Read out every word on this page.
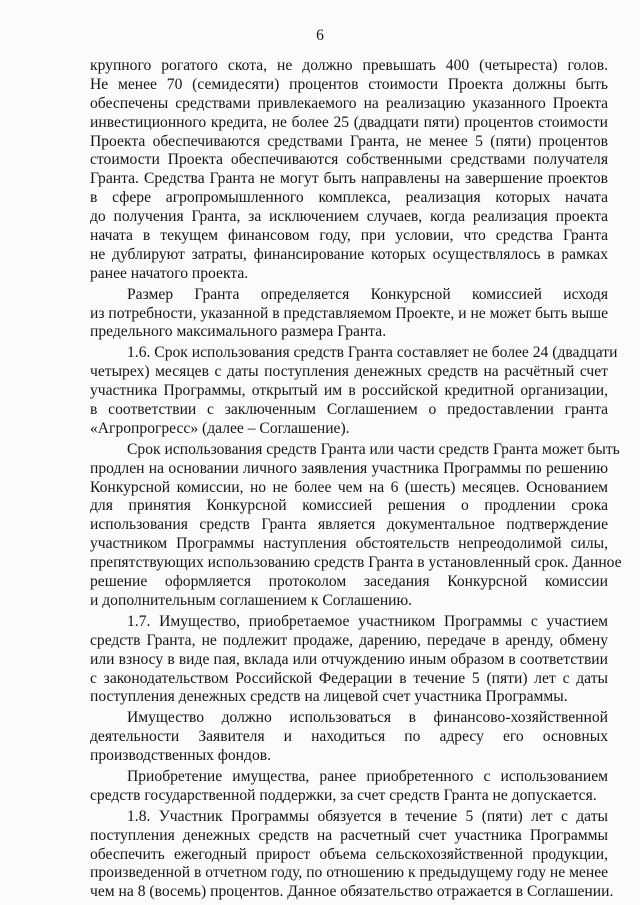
6
крупного рогатого скота, не должно превышать 400 (четыреста) голов.
Не менее 70 (семидесяти) процентов стоимости Проекта должны быть
обеспечены средствами привлекаемого на реализацию указанного Проекта
инвестиционного кредита, не более 25 (двадцати пяти) процентов стоимости
Проекта обеспечиваются средствами Гранта, не менее 5 (пяти) процентов
стоимости Проекта обеспечиваются собственными средствами получателя
Гранта. Средства Гранта не могут быть направлены на завершение проектов
в сфере агропромышленного комплекса, реализация которых начата
до получения Гранта, за исключением случаев, когда реализация проекта
начата в текущем финансовом году, при условии, что средства Гранта
не дублируют затраты, финансирование которых осуществлялось в рамках
ранее начатого проекта.
Размер Гранта определяется Конкурсной комиссией исходя
из потребности, указанной в представляемом Проекте, и не может быть выше
предельного максимального размера Гранта.
1.6. Срок использования средств Гранта составляет не более 24 (двадцати
четырех) месяцев с даты поступления денежных средств на расчётный счет
участника Программы, открытый им в российской кредитной организации,
в соответствии с заключенным Соглашением о предоставлении гранта
«Агропрогресс» (далее – Соглашение).
Срок использования средств Гранта или части средств Гранта может быть
продлен на основании личного заявления участника Программы по решению
Конкурсной комиссии, но не более чем на 6 (шесть) месяцев. Основанием
для принятия Конкурсной комиссией решения о продлении срока
использования средств Гранта является документальное подтверждение
участником Программы наступления обстоятельств непреодолимой силы,
препятствующих использованию средств Гранта в установленный срок. Данное
решение оформляется протоколом заседания Конкурсной комиссии
и дополнительным соглашением к Соглашению.
1.7. Имущество, приобретаемое участником Программы с участием
средств Гранта, не подлежит продаже, дарению, передаче в аренду, обмену
или взносу в виде пая, вклада или отчуждению иным образом в соответствии
с законодательством Российской Федерации в течение 5 (пяти) лет с даты
поступления денежных средств на лицевой счет участника Программы.
Имущество должно использоваться в финансово-хозяйственной
деятельности Заявителя и находиться по адресу его основных
производственных фондов.
Приобретение имущества, ранее приобретенного с использованием
средств государственной поддержки, за счет средств Гранта не допускается.
1.8. Участник Программы обязуется в течение 5 (пяти) лет с даты
поступления денежных средств на расчетный счет участника Программы
обеспечить ежегодный прирост объема сельскохозяйственной продукции,
произведенной в отчетном году, по отношению к предыдущему году не менее
чем на 8 (восемь) процентов. Данное обязательство отражается в Соглашении.
